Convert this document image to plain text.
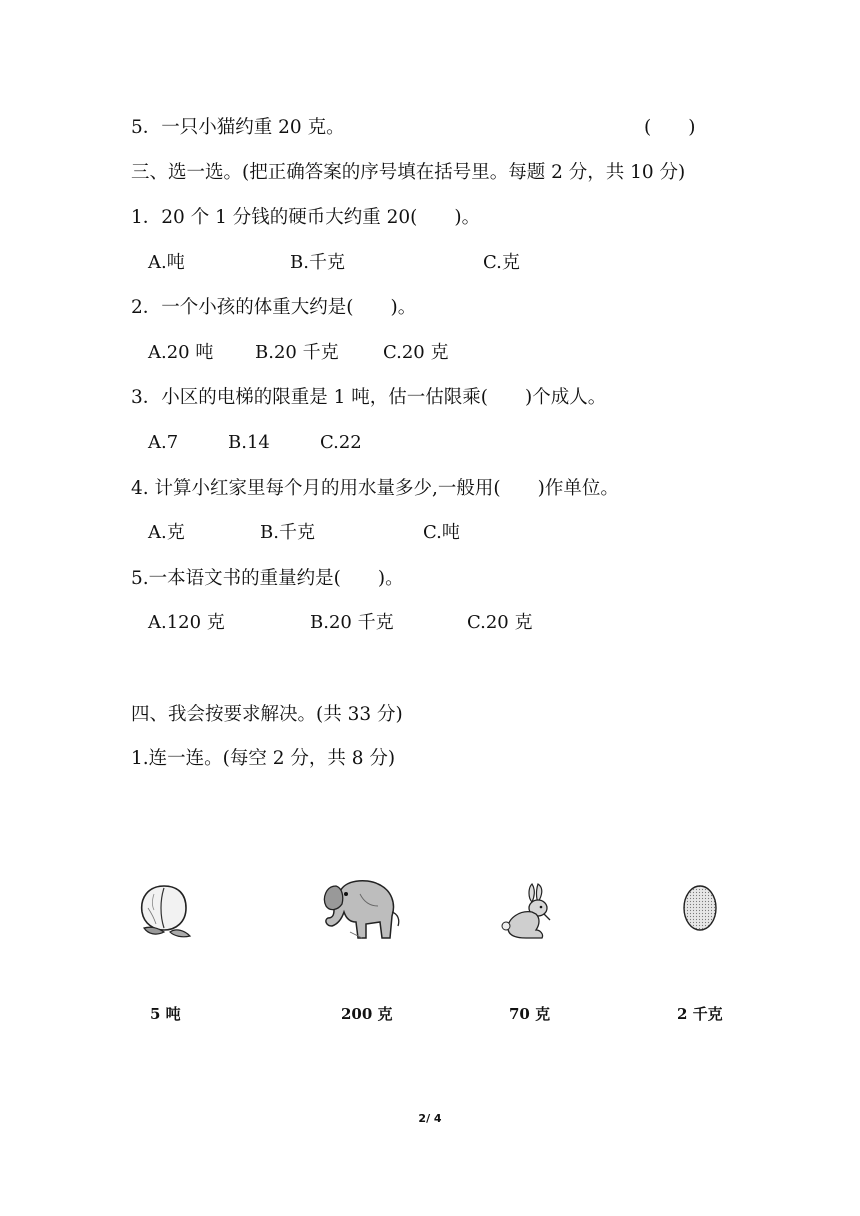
5．一只小猫约重 20 克。	(　　)
三、选一选。(把正确答案的序号填在括号里。每题 2 分，共 10 分)
1．20 个 1 分钱的硬币大约重 20(　　)。
A.吨	B.千克	C.克
2．一个小孩的体重大约是(　　)。
A.20 吨 B.20 千克 C.20 克
3．小区的电梯的限重是 1 吨，估一估限乘(　　)个成人。
A.7	B.14	C.22
4. 计算小红家里每个月的用水量多少,一般用(　　)作单位。
A.克	B.千克	C.吨
5.一本语文书的重量约是(　　)。
A.120 克	B.20 千克	C.20 克
四、我会按要求解决。(共 33 分)
1.连一连。(每空 2 分，共 8 分)
5 吨	200 克	70 克	2 千克
2/ 4
